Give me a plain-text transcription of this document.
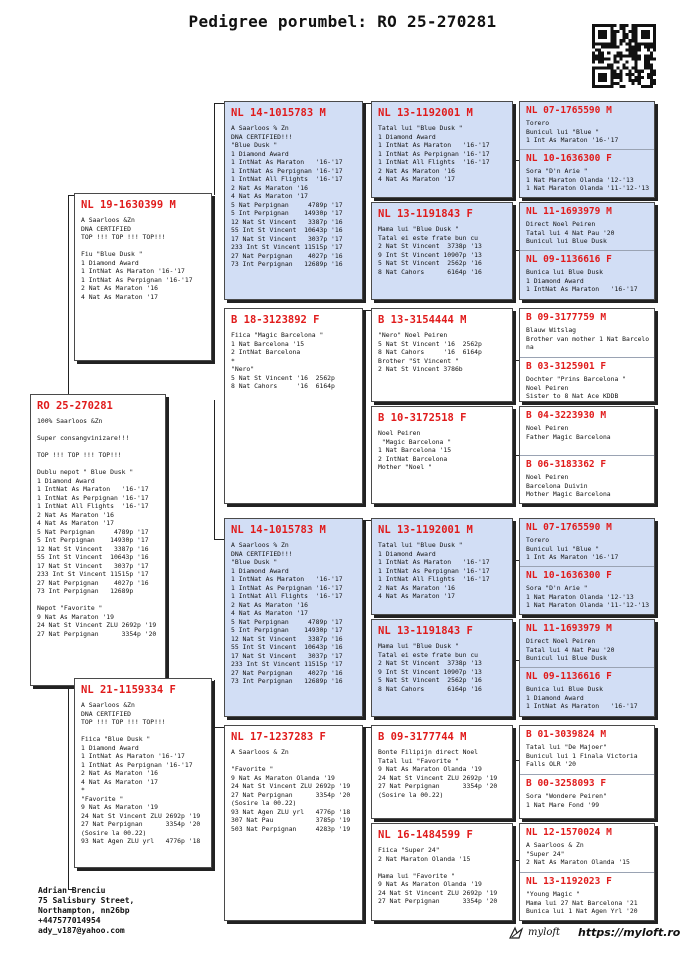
Pedigree porumbel: RO 25-270281
RO 25-270281
100% Saarloos &Zn

Super consangvinizare!!!

TOP !!! TOP !!! TOP!!!

Dublu nepot " Blue Dusk "
1 Diamond Award
1 IntNat As Maraton   '16-'17
1 IntNat As Perpignan '16-'17
1 IntNat All Flights  '16-'17
2 Nat As Maraton '16
4 Nat As Maraton '17
5 Nat Perpignan     4789p '17
5 Int Perpignan    14930p '17
12 Nat St Vincent   3387p '16
55 Int St Vincent  10643p '16
17 Nat St Vincent   3037p '17
233 Int St Vincent 11515p '17
27 Nat Perpignan    4027p '16
73 Int Perpignan   12689p

Nepot "Favorite "
9 Nat As Maraton '19
24 Nat St Vincent ZLU 2692p '19
27 Nat Perpignan      3354p '20
NL 19-1630399 M
A Saarloos &Zn
DNA CERTIFIED
TOP !!! TOP !!! TOP!!!

Fiu "Blue Dusk "
1 Diamond Award
1 IntNat As Maraton '16-'17
1 IntNat As Perpignan '16-'17
2 Nat As Maraton '16
4 Nat As Maraton '17
NL 21-1159334 F
A Saarloos &Zn
DNA CERTIFIED
TOP !!! TOP !!! TOP!!!

Fiica "Blue Dusk "
1 Diamond Award
1 IntNat As Maraton '16-'17
1 IntNat As Perpignan '16-'17
2 Nat As Maraton '16
4 Nat As Maraton '17
*
"Favorite "
9 Nat As Maraton '19
24 Nat St Vincent ZLU 2692p '19
27 Nat Perpignan      3354p '20
(Sosire la 00.22)
93 Nat Agen ZLU yrl   4776p '18
NL 14-1015783 M
A Saarloos % Zn
DNA CERTIFIED!!!
"Blue Dusk "
1 Diamond Award
1 IntNat As Maraton   '16-'17
1 IntNat As Perpignan '16-'17
1 IntNat All Flights  '16-'17
2 Nat As Maraton '16
4 Nat As Maraton '17
5 Nat Perpignan     4789p '17
5 Int Perpignan    14930p '17
12 Nat St Vincent   3387p '16
55 Int St Vincent  10643p '16
17 Nat St Vincent   3037p '17
233 Int St Vincent 11515p '17
27 Nat Perpignan    4027p '16
73 Int Perpignan   12689p '16
B 18-3123892 F
Fiica "Magic Barcelona "
1 Nat Barcelona '15
2 IntNat Barcelona
*
"Nero"
5 Nat St Vincent '16  2562p
8 Nat Cahors     '16  6164p
NL 14-1015783 M
A Saarloos % Zn
DNA CERTIFIED!!!
"Blue Dusk "
1 Diamond Award
1 IntNat As Maraton   '16-'17
1 IntNat As Perpignan '16-'17
1 IntNat All Flights  '16-'17
2 Nat As Maraton '16
4 Nat As Maraton '17
5 Nat Perpignan     4789p '17
5 Int Perpignan    14930p '17
12 Nat St Vincent   3387p '16
55 Int St Vincent  10643p '16
17 Nat St Vincent   3037p '17
233 Int St Vincent 11515p '17
27 Nat Perpignan    4027p '16
73 Int Perpignan   12689p '16
NL 17-1237283 F
A Saarloos & Zn

"Favorite "
9 Nat As Maraton Olanda '19
24 Nat St Vincent ZLU 2692p '19
27 Nat Perpignan      3354p '20
(Sosire la 00.22)
93 Nat Agen ZLU yrl   4776p '18
307 Nat Pau           3785p '19
503 Nat Perpignan     4283p '19
NL 13-1192001 M
Tatal lui "Blue Dusk "
1 Diamond Award
1 IntNat As Maraton   '16-'17
1 IntNat As Perpignan '16-'17
1 IntNat All Flights  '16-'17
2 Nat As Maraton '16
4 Nat As Maraton '17
NL 13-1191843 F
Mama lui "Blue Dusk "
Tatal ei este frate bun cu
2 Nat St Vincent  3738p '13
9 Int St Vincent 10907p '13
5 Nat St Vincent  2562p '16
8 Nat Cahors      6164p '16
B 13-3154444 M
"Nero" Noel Peiren
5 Nat St Vincent '16  2562p
8 Nat Cahors     '16  6164p
Brother "St Vincent "
2 Nat St Vincent 3786b
B 10-3172518 F
Noel Peiren
"Magic Barcelona "
1 Nat Barcelona '15
2 IntNat Barcelona
Mother "Noel "
NL 13-1192001 M
Tatal lui "Blue Dusk "
1 Diamond Award
1 IntNat As Maraton   '16-'17
1 IntNat As Perpignan '16-'17
1 IntNat All Flights  '16-'17
2 Nat As Maraton '16
4 Nat As Maraton '17
NL 13-1191843 F
Mama lui "Blue Dusk "
Tatal ei este frate bun cu
2 Nat St Vincent  3738p '13
9 Int St Vincent 10907p '13
5 Nat St Vincent  2562p '16
8 Nat Cahors      6164p '16
B 09-3177744 M
Bonte Filipijn direct Noel
Tatal lui "Favorite "
9 Nat As Maraton Olanda '19
24 Nat St Vincent ZLU 2692p '19
27 Nat Perpignan      3354p '20
(Sosire la 00.22)
NL 16-1484599 F
Fiica "Super 24"
2 Nat Maraton Olanda '15

Mama lui "Favorite "
9 Nat As Maraton Olanda '19
24 Nat St Vincent ZLU 2692p '19
27 Nat Perpignan      3354p '20
NL 07-1765590 M
Torero
Bunicul lui "Blue "
1 Int As Maraton '16-'17
NL 10-1636300 F
Sora "D'n Arie "
1 Nat Maraton Olanda '12-'13
1 Nat Maraton Olanda '11-'12-'13
NL 11-1693979 M
Direct Noel Peiren
Tatal lui 4 Nat Pau '20
Bunicul lui Blue Dusk
NL 09-1136616 F
Bunica lui Blue Dusk
1 Diamond Award
1 IntNat As Maraton   '16-'17
B 09-3177759 M
Blauw Witslag
Brother van mother 1 Nat Barcelo
na
B 03-3125901 F
Dochter "Prins Barcelona "
Noel Peiren
Sister to 8 Nat Ace KDDB
B 04-3223930 M
Noel Peiren
Father Magic Barcelona
B 06-3183362 F
Noel Peiren
Barcelona Duivin
Mother Magic Barcelona
NL 07-1765590 M
Torero
Bunicul lui "Blue "
1 Int As Maraton '16-'17
NL 10-1636300 F
Sora "D'n Arie "
1 Nat Maraton Olanda '12-'13
1 Nat Maraton Olanda '11-'12-'13
NL 11-1693979 M
Direct Noel Peiren
Tatal lui 4 Nat Pau '20
Bunicul lui Blue Dusk
NL 09-1136616 F
Bunica lui Blue Dusk
1 Diamond Award
1 IntNat As Maraton   '16-'17
B 01-3039824 M
Tatal lui "De Majoer"
Bunicul lui 1 Finala Victoria
Falls OLR '20
B 00-3258093 F
Sora "Wondere Peiren"
1 Nat Mare Fond '99
NL 12-1570024 M
A Saarloos & Zn
"Super 24"
2 Nat As Maraton Olanda '15
NL 13-1192023 F
"Young Magic "
Mama lui 27 Nat Barcelona '21
Bunica lui 1 Nat Agen Yrl '20
Adrian Brenciu
75 Salisbury Street,
Northampton, nn26bp
+447577014954
ady_v187@yahoo.com	myloft https://myloft.ro
